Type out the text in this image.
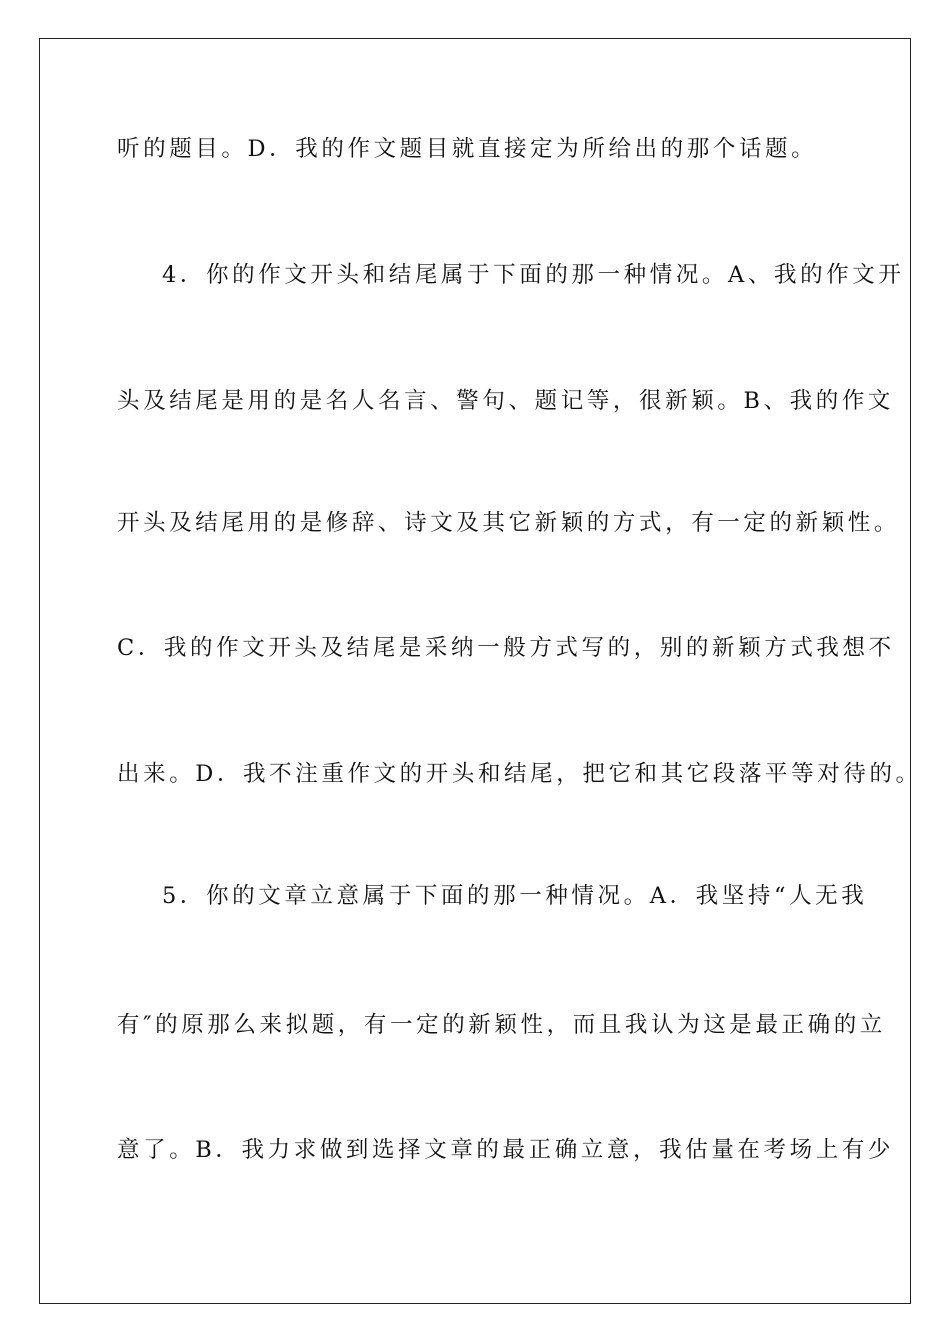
听的题目。D．我的作文题目就直接定为所给出的那个话题。
4．你的作文开头和结尾属于下面的那一种情况。A、我的作文开
头及结尾是用的是名人名言、警句、题记等，很新颖。B、我的作文
开头及结尾用的是修辞、诗文及其它新颖的方式，有一定的新颖性。
C．我的作文开头及结尾是采纳一般方式写的，别的新颖方式我想不
出来。D．我不注重作文的开头和结尾，把它和其它段落平等对待的。
5．你的文章立意属于下面的那一种情况。A．我坚持“人无我
有″的原那么来拟题，有一定的新颖性，而且我认为这是最正确的立
意了。B．我力求做到选择文章的最正确立意，我估量在考场上有少
